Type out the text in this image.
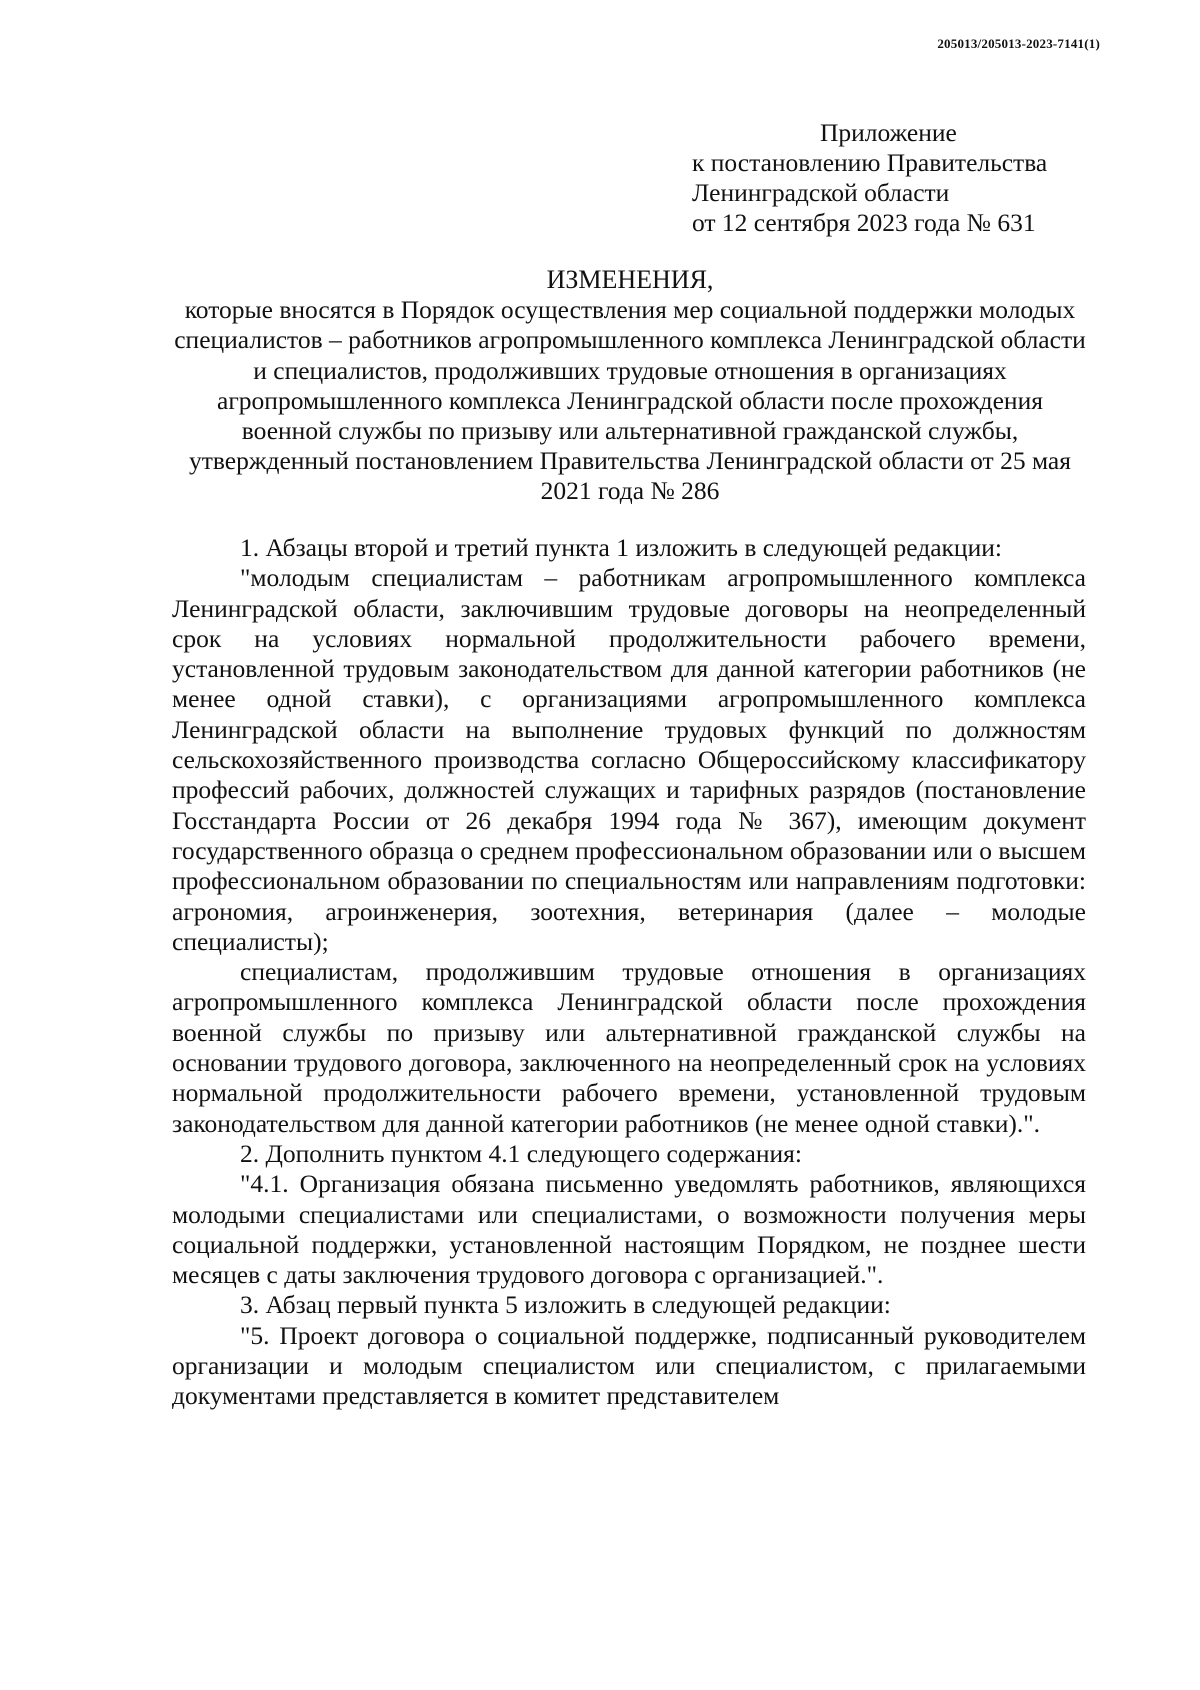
205013/205013-2023-7141(1)
Приложение
к постановлению Правительства
Ленинградской области
от 12 сентября 2023 года № 631
ИЗМЕНЕНИЯ,
которые вносятся в Порядок осуществления мер социальной поддержки молодых специалистов – работников агропромышленного комплекса Ленинградской области и специалистов, продолживших трудовые отношения в организациях агропромышленного комплекса Ленинградской области после прохождения военной службы по призыву или альтернативной гражданской службы, утвержденный постановлением Правительства Ленинградской области от 25 мая 2021 года № 286

1. Абзацы второй и третий пункта 1 изложить в следующей редакции:

"молодым специалистам – работникам агропромышленного комплекса Ленинградской области, заключившим трудовые договоры на неопределенный срок на условиях нормальной продолжительности рабочего времени, установленной трудовым законодательством для данной категории работников (не менее одной ставки), с организациями агропромышленного комплекса Ленинградской области на выполнение трудовых функций по должностям сельскохозяйственного производства согласно Общероссийскому классификатору профессий рабочих, должностей служащих и тарифных разрядов (постановление Госстандарта России от 26 декабря 1994 года № 367), имеющим документ государственного образца о среднем профессиональном образовании или о высшем профессиональном образовании по специальностям или направлениям подготовки: агрономия, агроинженерия, зоотехния, ветеринария (далее – молодые специалисты);

специалистам, продолжившим трудовые отношения в организациях агропромышленного комплекса Ленинградской области после прохождения военной службы по призыву или альтернативной гражданской службы на основании трудового договора, заключенного на неопределенный срок на условиях нормальной продолжительности рабочего времени, установленной трудовым законодательством для данной категории работников (не менее одной ставки).".

2. Дополнить пунктом 4.1 следующего содержания:

"4.1. Организация обязана письменно уведомлять работников, являющихся молодыми специалистами или специалистами, о возможности получения меры социальной поддержки, установленной настоящим Порядком, не позднее шести месяцев с даты заключения трудового договора с организацией.".

3. Абзац первый пункта 5 изложить в следующей редакции:

"5. Проект договора о социальной поддержке, подписанный руководителем организации и молодым специалистом или специалистом, с прилагаемыми документами представляется в комитет представителем
